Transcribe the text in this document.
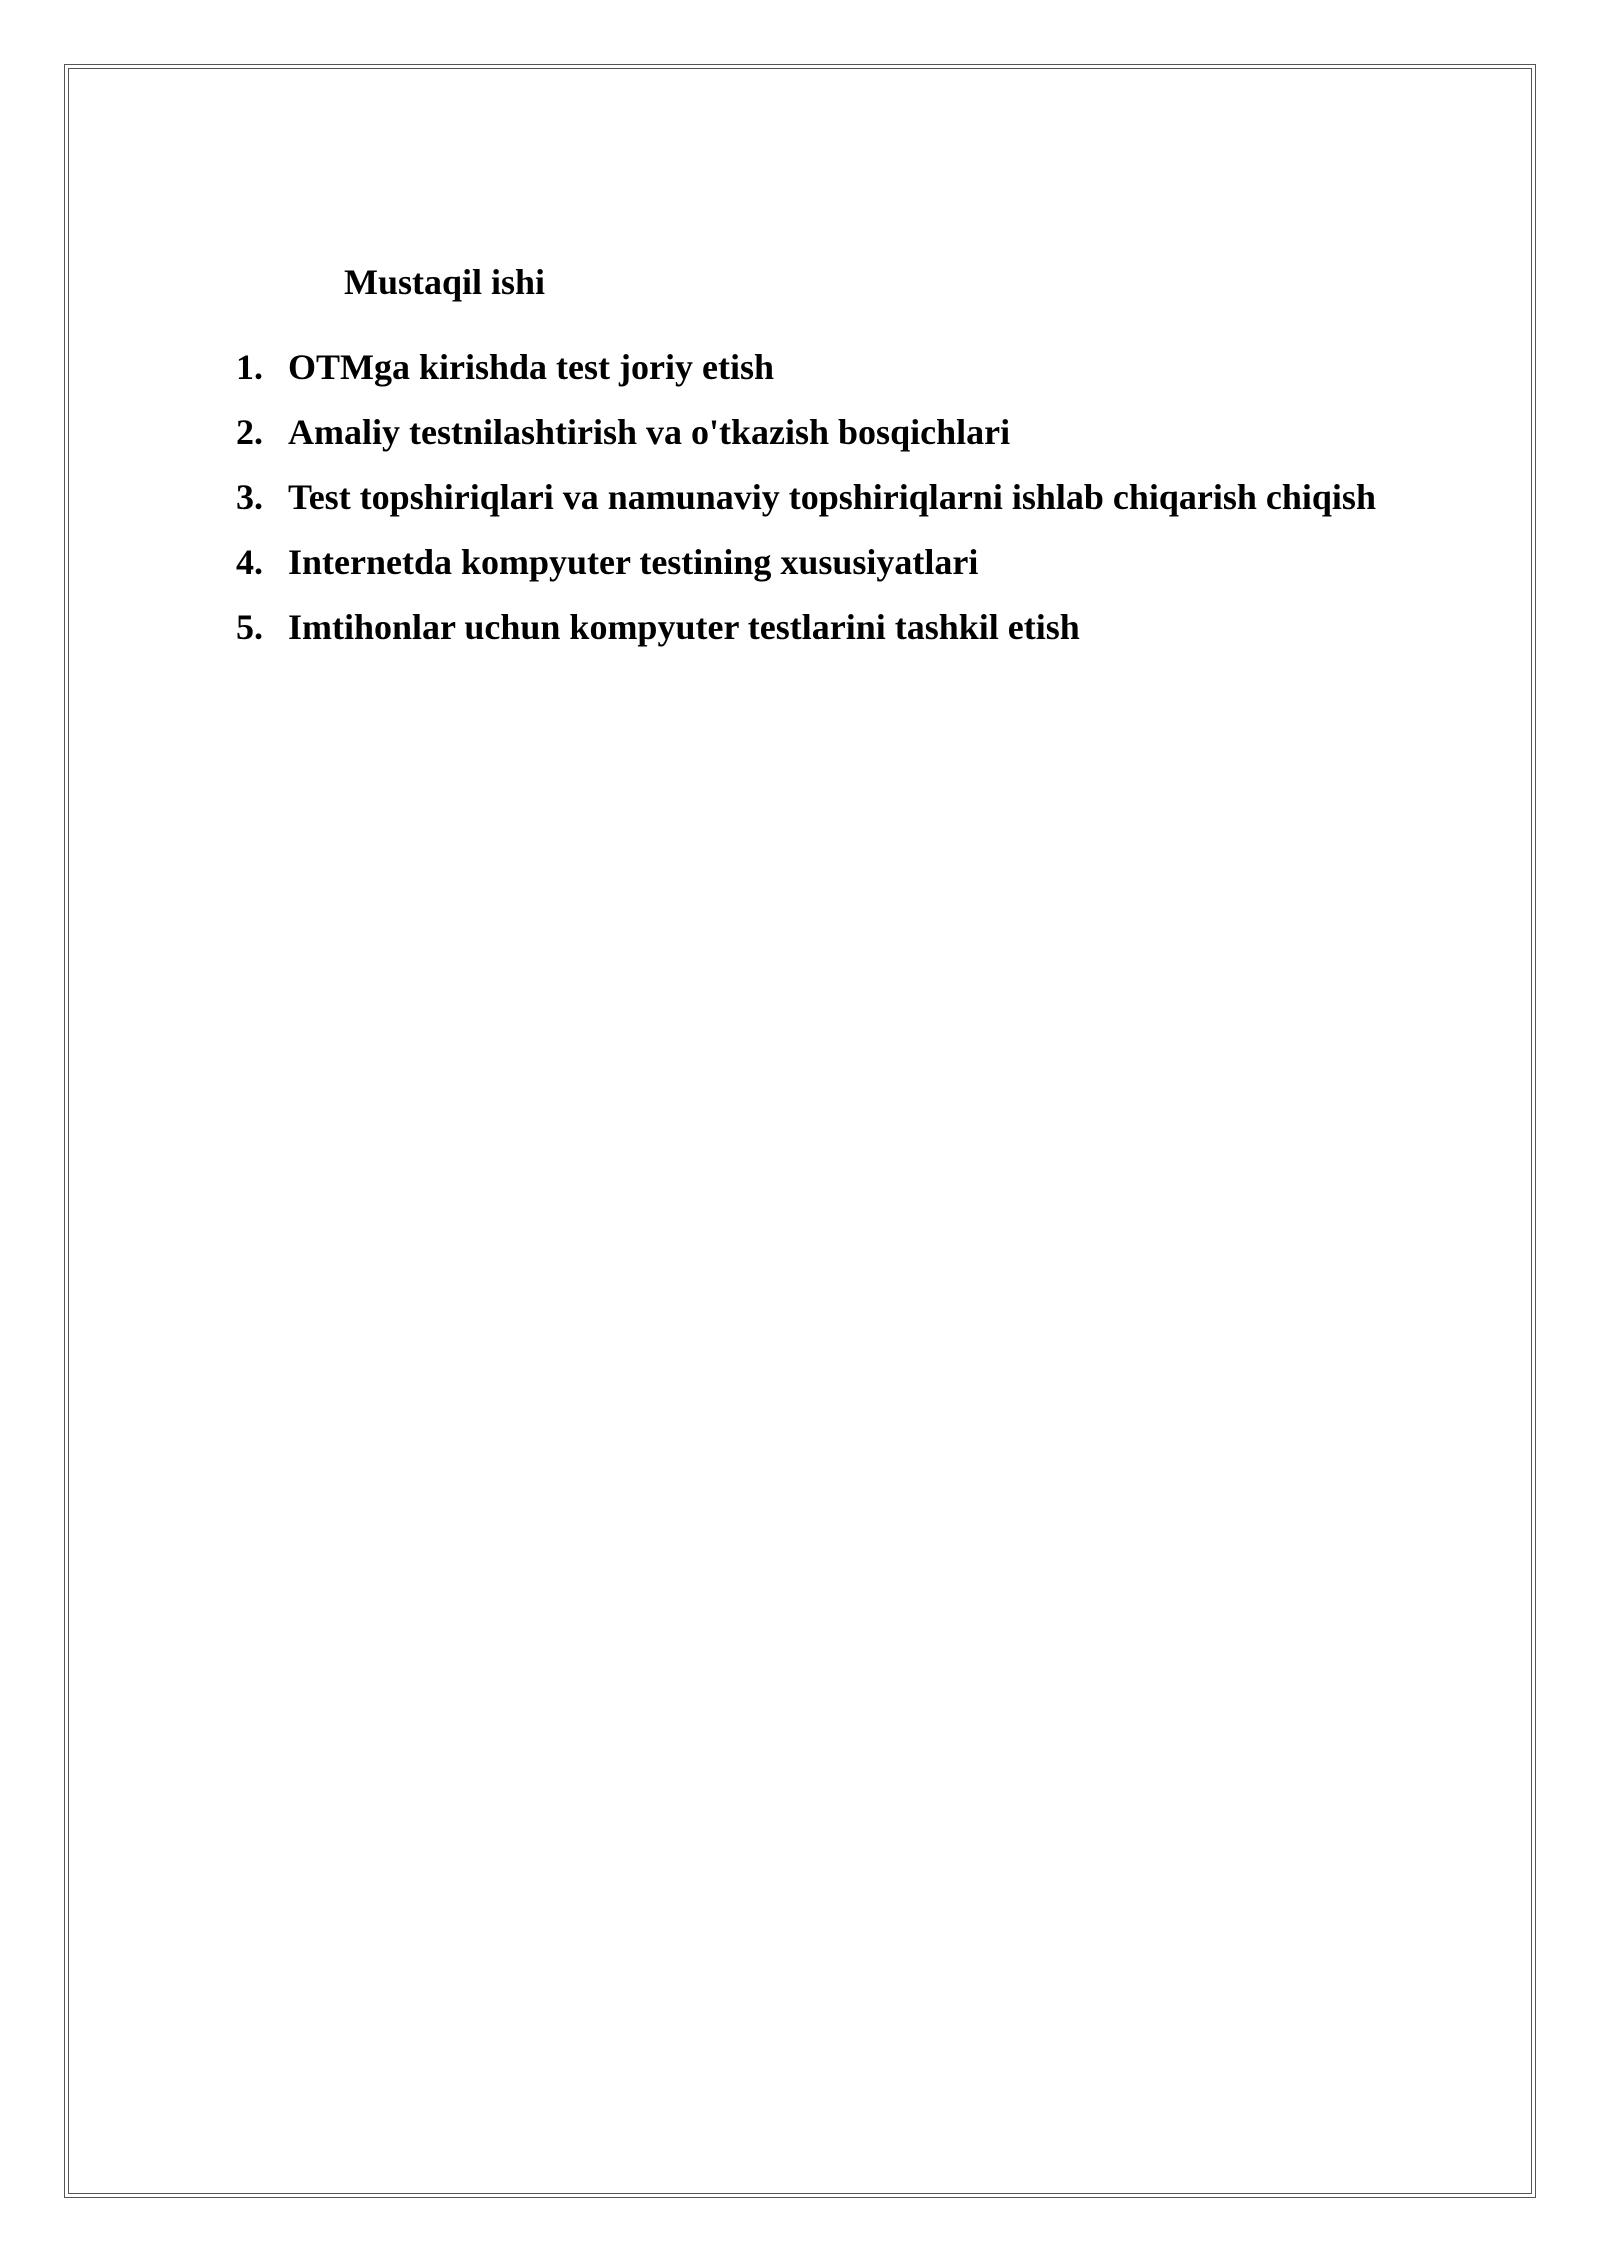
Mustaqil ishi
1. OTMga kirishda test joriy etish
2. Amaliy testnilashtirish va o'tkazish bosqichlari
3. Test topshiriqlari va namunaviy topshiriqlarni ishlab chiqarish chiqish
4. Internetda kompyuter testining xususiyatlari
5. Imtihonlar uchun kompyuter testlarini tashkil etish
